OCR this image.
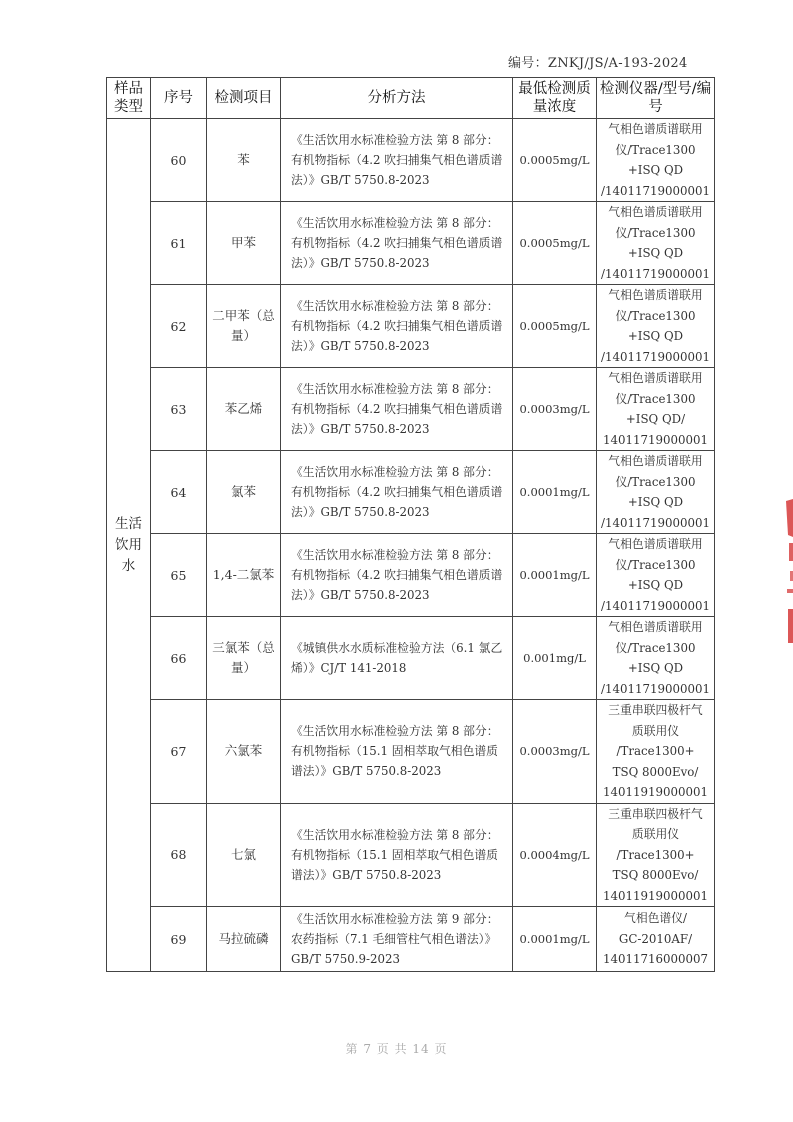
编号：ZNKJ/JS/A-193-2024
样品类型	序号	检测项目	分析方法	最低检测质量浓度	检测仪器/型号/编号
生活饮用水	60	苯	《生活饮用水标准检验方法 第 8 部分：有机物指标（4.2 吹扫捕集气相色谱质谱法）》GB/T 5750.8-2023	0.0005mg/L	气相色谱质谱联用
仪/Trace1300
+ISQ QD
/14011719000001

	61	甲苯	《生活饮用水标准检验方法 第 8 部分：有机物指标（4.2 吹扫捕集气相色谱质谱法）》GB/T 5750.8-2023	0.0005mg/L	气相色谱质谱联用
仪/Trace1300
+ISQ QD
/14011719000001

	62	二甲苯（总量）	《生活饮用水标准检验方法 第 8 部分：有机物指标（4.2 吹扫捕集气相色谱质谱法）》GB/T 5750.8-2023	0.0005mg/L	气相色谱质谱联用
仪/Trace1300
+ISQ QD
/14011719000001

	63	苯乙烯	《生活饮用水标准检验方法 第 8 部分：有机物指标（4.2 吹扫捕集气相色谱质谱法）》GB/T 5750.8-2023	0.0003mg/L	气相色谱质谱联用
仪/Trace1300
+ISQ QD/
14011719000001

	64	氯苯	《生活饮用水标准检验方法 第 8 部分：有机物指标（4.2 吹扫捕集气相色谱质谱法）》GB/T 5750.8-2023	0.0001mg/L	气相色谱质谱联用
仪/Trace1300
+ISQ QD
/14011719000001

	65	1,4-二氯苯	《生活饮用水标准检验方法 第 8 部分：有机物指标（4.2 吹扫捕集气相色谱质谱法）》GB/T 5750.8-2023	0.0001mg/L	气相色谱质谱联用
仪/Trace1300
+ISQ QD
/14011719000001

	66	三氯苯（总量）	《城镇供水水质标准检验方法（6.1 氯乙烯）》CJ/T 141-2018	0.001mg/L	气相色谱质谱联用
仪/Trace1300
+ISQ QD
/14011719000001

	67	六氯苯	《生活饮用水标准检验方法 第 8 部分：有机物指标（15.1 固相萃取气相色谱质谱法）》GB/T 5750.8-2023	0.0003mg/L	三重串联四极杆气
质联用仪
/Trace1300+
TSQ 8000Evo/
14011919000001

	68	七氯	《生活饮用水标准检验方法 第 8 部分：有机物指标（15.1 固相萃取气相色谱质谱法）》GB/T 5750.8-2023	0.0004mg/L	三重串联四极杆气
质联用仪
/Trace1300+
TSQ 8000Evo/
14011919000001

	69	马拉硫磷	《生活饮用水标准检验方法 第 9 部分：农药指标（7.1 毛细管柱气相色谱法）》GB/T 5750.9-2023	0.0001mg/L	气相色谱仪/
GC-2010AF/
14011716000007
第 7 页 共 14 页
